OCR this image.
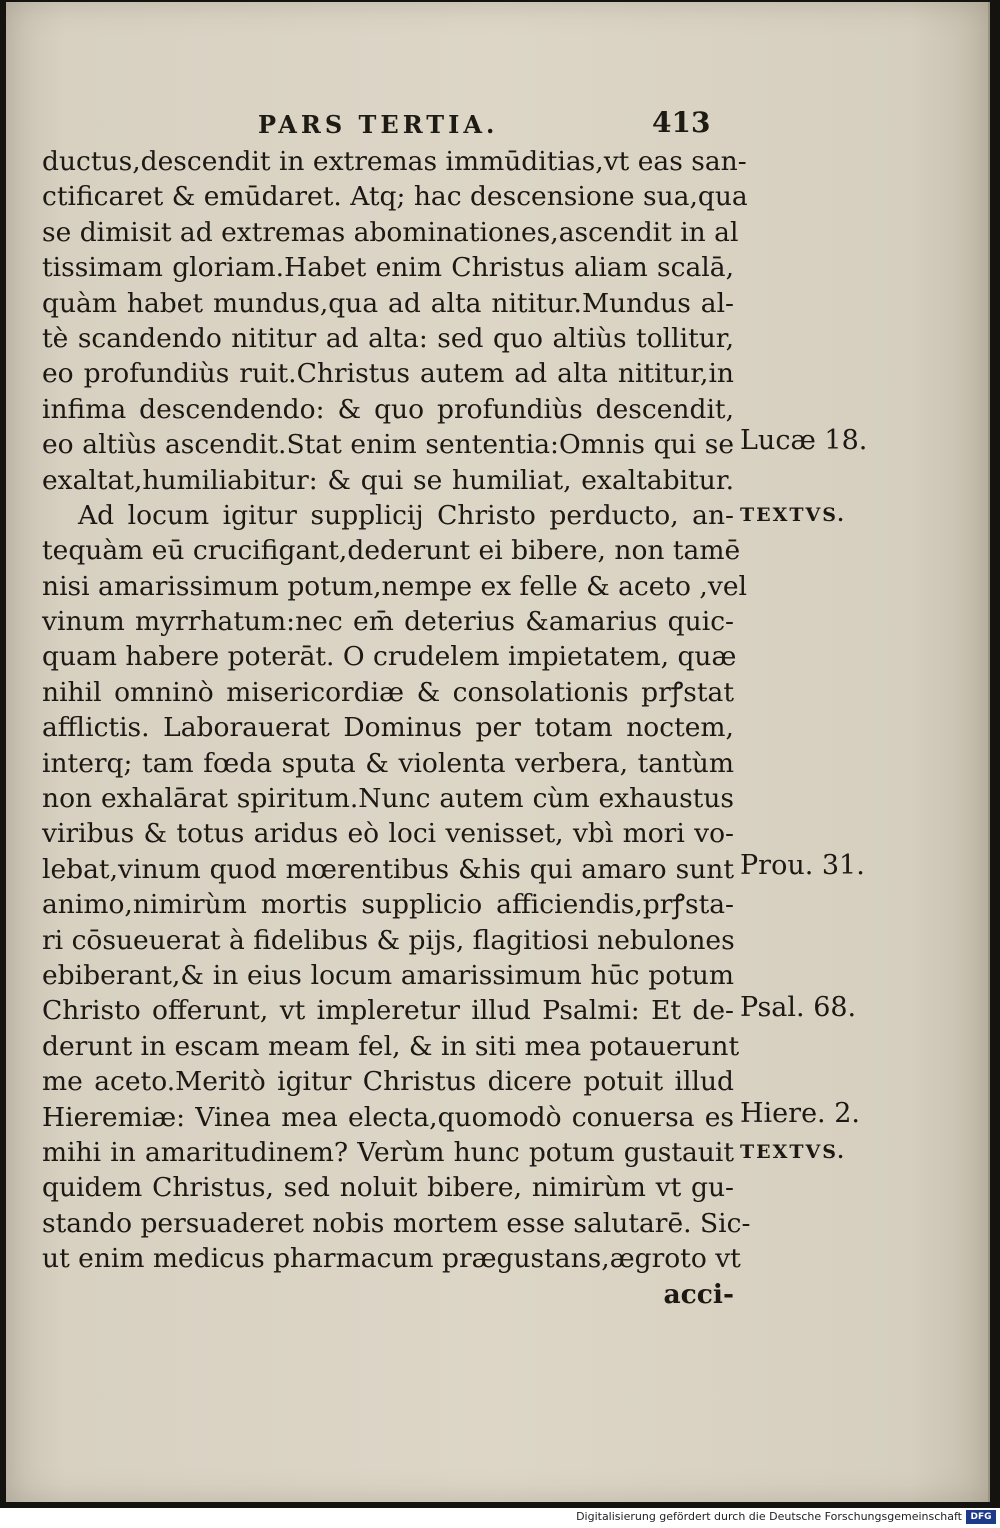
PARS TERTIA.	413
ductus,descendit in extremas immūditias,vt eas san-
ctificaret & emūdaret. Atq; hac descensione sua,qua
se dimisit ad extremas abominationes,ascendit in al
tissimam gloriam.Habet enim Christus aliam scalā,
quàm habet mundus,qua ad alta nititur.Mundus al-
tè scandendo nititur ad alta: sed quo altiùs tollitur,
eo profundiùs ruit.Christus autem ad alta nititur,in
infima descendendo: & quo profundiùs descendit,
eo altiùs ascendit.Stat enim sententia:Omnis qui se
exaltat,humiliabitur: & qui se humiliat, exaltabitur.
Ad locum igitur supplicij Christo perducto, an-
tequàm eū crucifigant,dederunt ei bibere, non tamē
nisi amarissimum potum,nempe ex felle & aceto ,vel
vinum myrrhatum:nec em̄ deterius &amarius quic-
quam habere poterāt. O crudelem impietatem, quæ
nihil omninò misericordiæ & consolationis prꝭstat
afflictis. Laborauerat Dominus per totam noctem,
interq; tam fœda sputa & violenta verbera, tantùm
non exhalārat spiritum.Nunc autem cùm exhaustus
viribus & totus aridus eò loci venisset, vbì mori vo-
lebat,vinum quod mœrentibus &his qui amaro sunt
animo,nimirùm mortis supplicio afficiendis,prꝭsta-
ri cōsueuerat à fidelibus & pijs, flagitiosi nebulones
ebiberant,& in eius locum amarissimum hūc potum
Christo offerunt, vt impleretur illud Psalmi: Et de-
derunt in escam meam fel, & in siti mea potauerunt
me aceto.Meritò igitur Christus dicere potuit illud
Hieremiæ: Vinea mea electa,quomodò conuersa es
mihi in amaritudinem? Verùm hunc potum gustauit
quidem Christus, sed noluit bibere, nimirùm vt gu-
stando persuaderet nobis mortem esse salutarē. Sic-
ut enim medicus pharmacum prægustans,ægroto vt
acci-
Lucæ 18.
TEXTVS.
Prou. 31.
Psal. 68.
Hiere. 2.
TEXTVS.
Digitalisierung gefördert durch die Deutsche Forschungsgemeinschaft DFG
